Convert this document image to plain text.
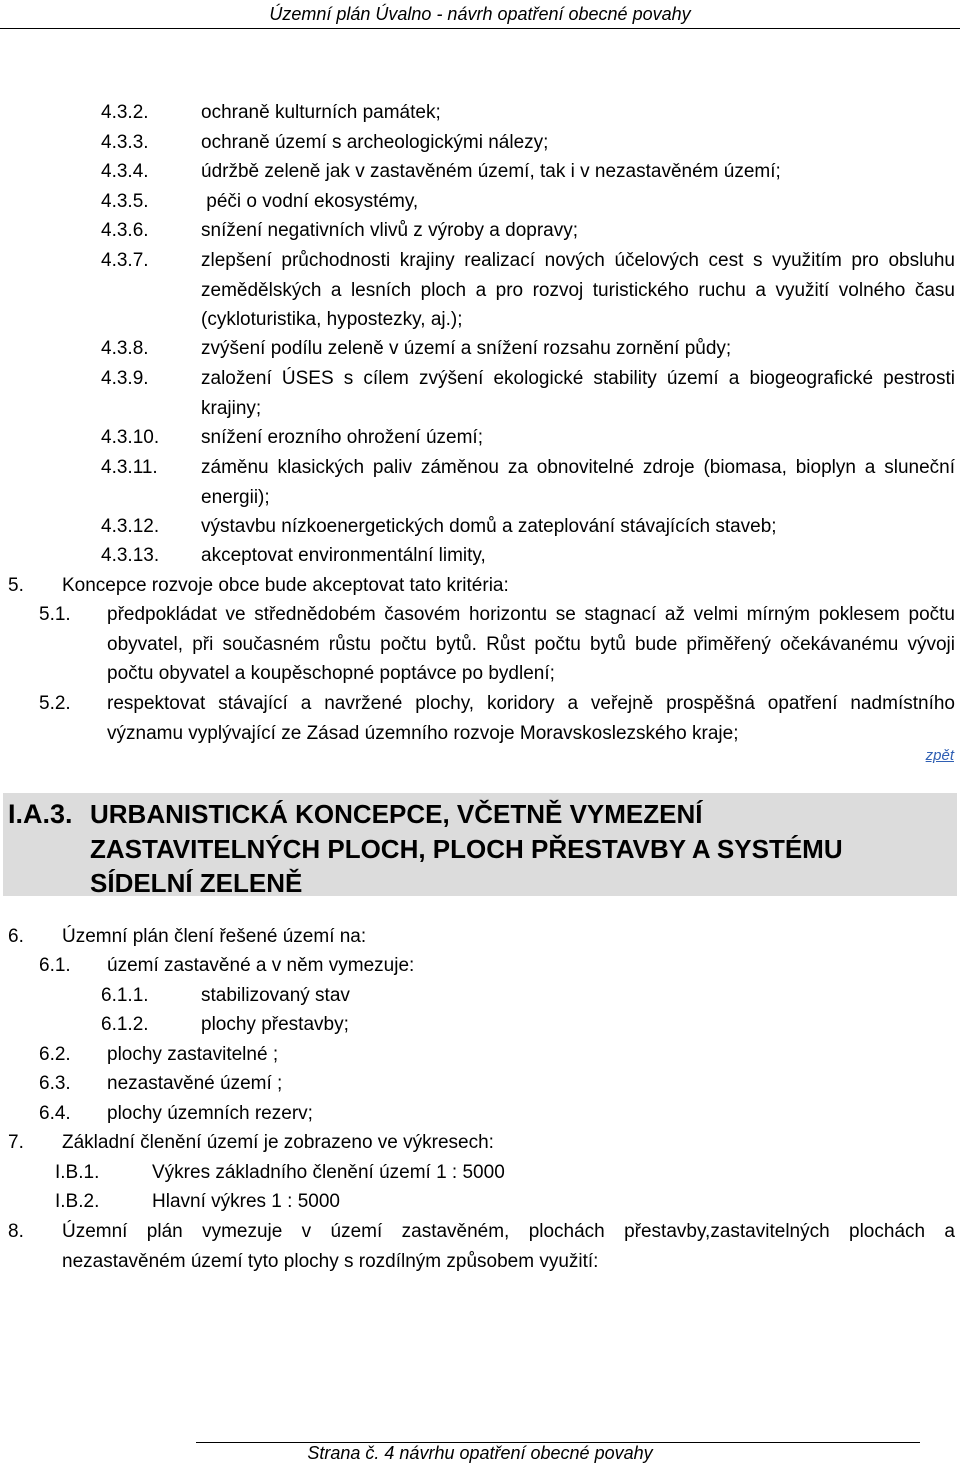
Územní plán Úvalno - návrh opatření obecné povahy
4.3.2.	ochraně kulturních památek;
4.3.3.	ochraně území s archeologickými nálezy;
4.3.4.	údržbě zeleně jak v zastavěném území, tak i v nezastavěném území;
4.3.5.	péči o vodní ekosystémy,
4.3.6.	snížení negativních vlivů z výroby a dopravy;
4.3.7.	zlepšení průchodnosti krajiny realizací nových účelových cest s využitím pro obsluhu zemědělských a lesních ploch a pro rozvoj turistického ruchu a využití volného času (cykloturistika, hypostezky, aj.);
4.3.8.	zvýšení podílu zeleně v území a snížení rozsahu zornění půdy;
4.3.9.	založení ÚSES s cílem zvýšení ekologické stability území a biogeografické pestrosti krajiny;
4.3.10. snížení erozního ohrožení území;
4.3.11. záměnu klasických paliv záměnou za obnovitelné zdroje (biomasa, bioplyn a sluneční energii);
4.3.12. výstavbu nízkoenergetických domů a zateplování stávajících staveb;
4.3.13. akceptovat environmentální limity,
5. Koncepce rozvoje obce bude akceptovat tato kritéria:
5.1. předpokládat ve střednědobém časovém horizontu se stagnací až velmi mírným poklesem počtu obyvatel, při současném růstu počtu bytů. Růst počtu bytů bude přiměřený očekávanému vývoji počtu obyvatel a koupěschopné poptávce po bydlení;
5.2. respektovat stávající a navržené plochy, koridory a veřejně prospěšná opatření nadmístního významu vyplývající ze Zásad územního rozvoje Moravskoslezského kraje;
zpět
I.A.3. URBANISTICKÁ KONCEPCE, VČETNĚ VYMEZENÍ ZASTAVITELNÝCH PLOCH, PLOCH PŘESTAVBY A SYSTÉMU SÍDELNÍ ZELENĚ
6. Územní plán člení řešené území na:
6.1. území zastavěné a v něm vymezuje:
6.1.1.	stabilizovaný stav
6.1.2.	plochy přestavby;
6.2. plochy zastavitelné ;
6.3. nezastavěné území ;
6.4. plochy územních rezerv;
7. Základní členění území je zobrazeno ve výkresech:
I.B.1.	Výkres základního členění území 1 : 5000
I.B.2.	Hlavní výkres 1 : 5000
8. Územní plán vymezuje v území zastavěném, plochách přestavby,zastavitelných plochách a nezastavěném území tyto plochy s rozdílným způsobem využití:
Strana č. 4 návrhu opatření obecné povahy
